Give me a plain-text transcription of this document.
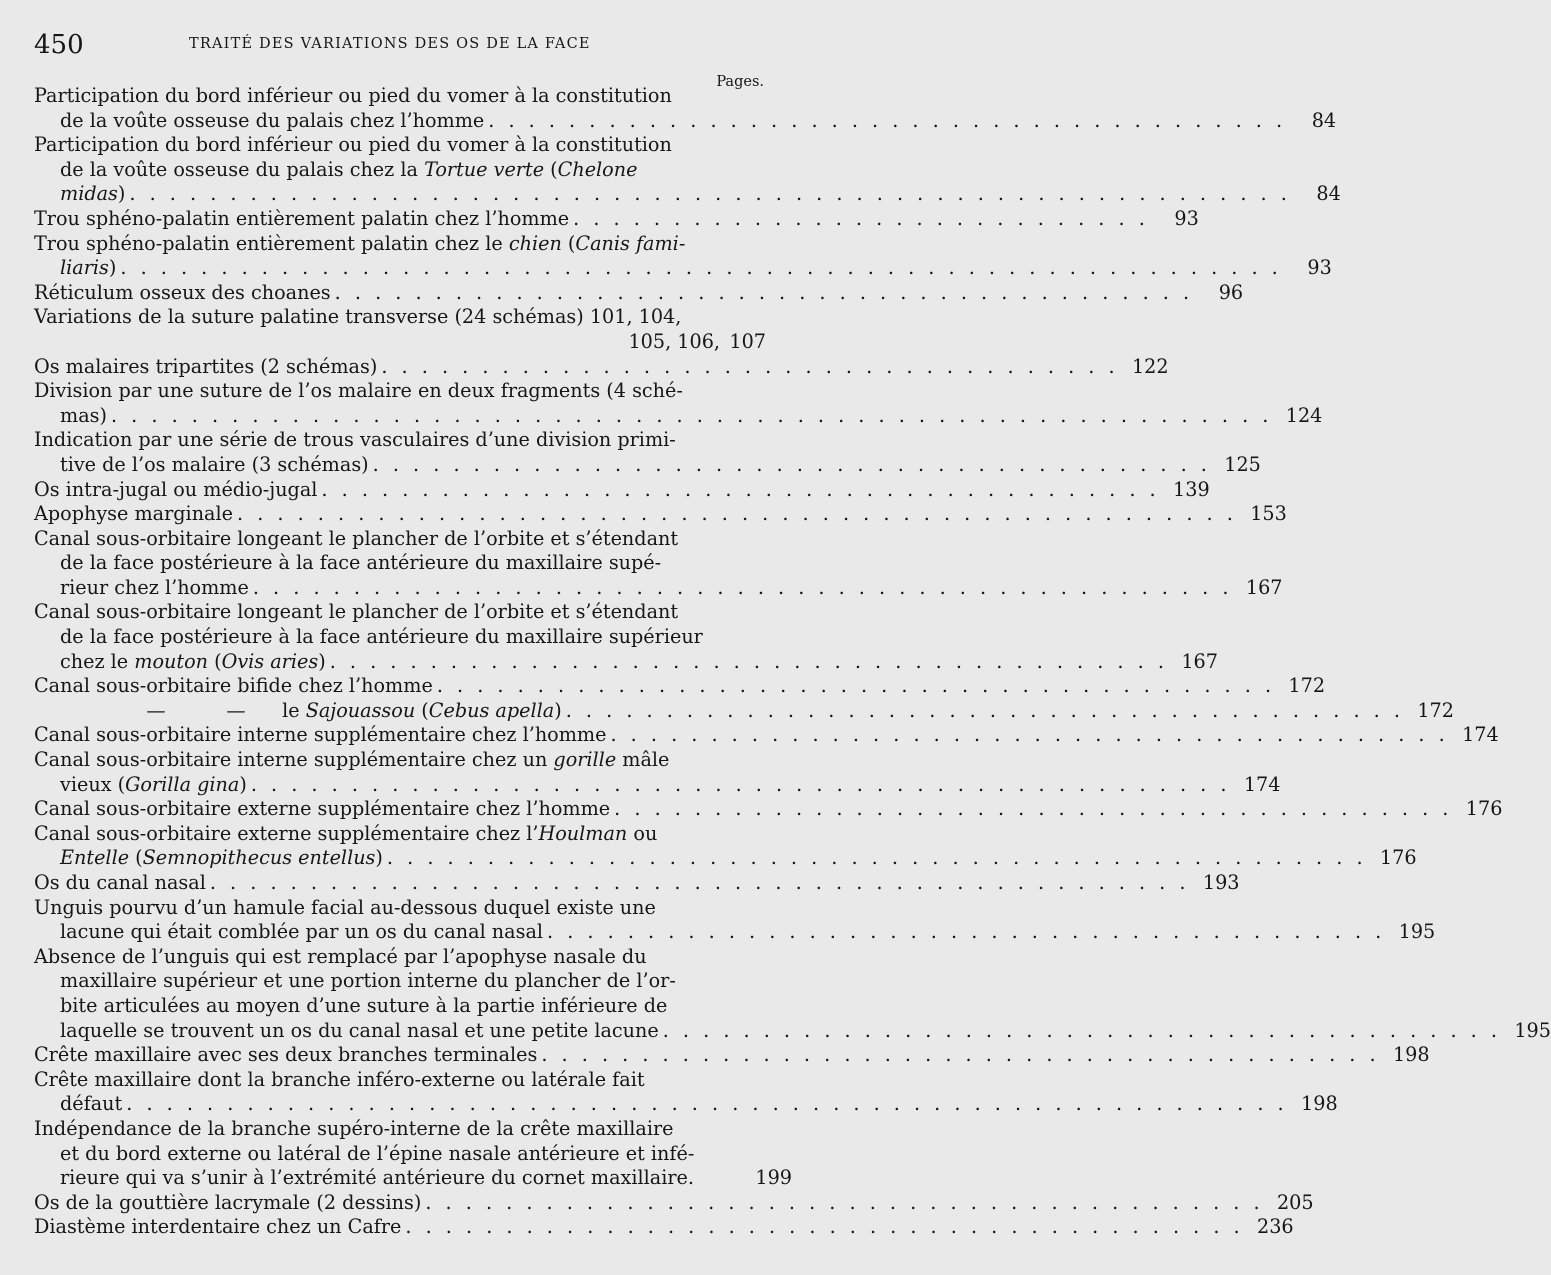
450	TRAITÉ DES VARIATIONS DES OS DE LA FACE
Pages.
Participation du bord inférieur ou pied du vomer à la constitution
de la voûte osseuse du palais chez l’homme . . . . . . . . . . . . . . . . . . . . . . . . . . . . . . . . . . . . . . . .	84
Participation du bord inférieur ou pied du vomer à la constitution
de la voûte osseuse du palais chez la Tortue verte (Chelone
midas) . . . . . . . . . . . . . . . . . . . . . . . . . . . . . . . . . . . . . . . . . . . . . . . . . . . . . . . . . .	84
Trou sphéno-palatin entièrement palatin chez l’homme . . . . . . . . . . . . . . . . . . . . . . . . . . . . .	93
Trou sphéno-palatin entièrement palatin chez le chien (Canis fami-
liaris) . . . . . . . . . . . . . . . . . . . . . . . . . . . . . . . . . . . . . . . . . . . . . . . . . . . . . . . . . .	93
Réticulum osseux des choanes . . . . . . . . . . . . . . . . . . . . . . . . . . . . . . . . . . . . . . . . . . .	96
Variations de la suture palatine transverse (24 schémas) 101, 104,
105, 106, 107
Os malaires tripartites (2 schémas) . . . . . . . . . . . . . . . . . . . . . . . . . . . . . . . . . . . . . 122
Division par une suture de l’os malaire en deux fragments (4 sché-
mas) . . . . . . . . . . . . . . . . . . . . . . . . . . . . . . . . . . . . . . . . . . . . . . . . . . . . . . . . . . 124
Indication par une série de trous vasculaires d’une division primi-
tive de l’os malaire (3 schémas) . . . . . . . . . . . . . . . . . . . . . . . . . . . . . . . . . . . . . . . . . . 125
Os intra-jugal ou médio-jugal . . . . . . . . . . . . . . . . . . . . . . . . . . . . . . . . . . . . . . . . . . 139
Apophyse marginale . . . . . . . . . . . . . . . . . . . . . . . . . . . . . . . . . . . . . . . . . . . . . . . . . . 153
Canal sous-orbitaire longeant le plancher de l’orbite et s’étendant
de la face postérieure à la face antérieure du maxillaire supé-
rieur chez l’homme . . . . . . . . . . . . . . . . . . . . . . . . . . . . . . . . . . . . . . . . . . . . . . . . . 167
Canal sous-orbitaire longeant le plancher de l’orbite et s’étendant
de la face postérieure à la face antérieure du maxillaire supérieur
chez le mouton (Ovis aries) . . . . . . . . . . . . . . . . . . . . . . . . . . . . . . . . . . . . . . . . . . 167
Canal sous-orbitaire bifide chez l’homme . . . . . . . . . . . . . . . . . . . . . . . . . . . . . . . . . . . . . . . . . . 172
—	— le Sajouassou (Cebus apella) . . . . . . . . . . . . . . . . . . . . . . . . . . . . . . . . . . . . . . . . . . 172
Canal sous-orbitaire interne supplémentaire chez l’homme . . . . . . . . . . . . . . . . . . . . . . . . . . . . . . . . . . . . . . . . . . 174
Canal sous-orbitaire interne supplémentaire chez un gorille mâle
vieux (Gorilla gina) . . . . . . . . . . . . . . . . . . . . . . . . . . . . . . . . . . . . . . . . . . . . . . . . . 174
Canal sous-orbitaire externe supplémentaire chez l’homme . . . . . . . . . . . . . . . . . . . . . . . . . . . . . . . . . . . . . . . . . . 176
Canal sous-orbitaire externe supplémentaire chez l’Houlman ou
Entelle (Semnopithecus entellus) . . . . . . . . . . . . . . . . . . . . . . . . . . . . . . . . . . . . . . . . . . . . . . . . . 176
Os du canal nasal . . . . . . . . . . . . . . . . . . . . . . . . . . . . . . . . . . . . . . . . . . . . . . . . . 193
Unguis pourvu d’un hamule facial au-dessous duquel existe une
lacune qui était comblée par un os du canal nasal . . . . . . . . . . . . . . . . . . . . . . . . . . . . . . . . . . . . . . . . . . 195
Absence de l’unguis qui est remplacé par l’apophyse nasale du
maxillaire supérieur et une portion interne du plancher de l’or-
bite articulées au moyen d’une suture à la partie inférieure de
laquelle se trouvent un os du canal nasal et une petite lacune . . . . . . . . . . . . . . . . . . . . . . . . . . . . . . . . . . . . . . . . . . 195
Crête maxillaire avec ses deux branches terminales . . . . . . . . . . . . . . . . . . . . . . . . . . . . . . . . . . . . . . . . . . 198
Crête maxillaire dont la branche inféro-externe ou latérale fait
défaut . . . . . . . . . . . . . . . . . . . . . . . . . . . . . . . . . . . . . . . . . . . . . . . . . . . . . . . . . . 198
Indépendance de la branche supéro-interne de la crête maxillaire
et du bord externe ou latéral de l’épine nasale antérieure et infé-
rieure qui va s’unir à l’extrémité antérieure du cornet maxillaire.	199
Os de la gouttière lacrymale (2 dessins) . . . . . . . . . . . . . . . . . . . . . . . . . . . . . . . . . . . . . . . . . . 205
Diastème interdentaire chez un Cafre . . . . . . . . . . . . . . . . . . . . . . . . . . . . . . . . . . . . . . . . . . 236
